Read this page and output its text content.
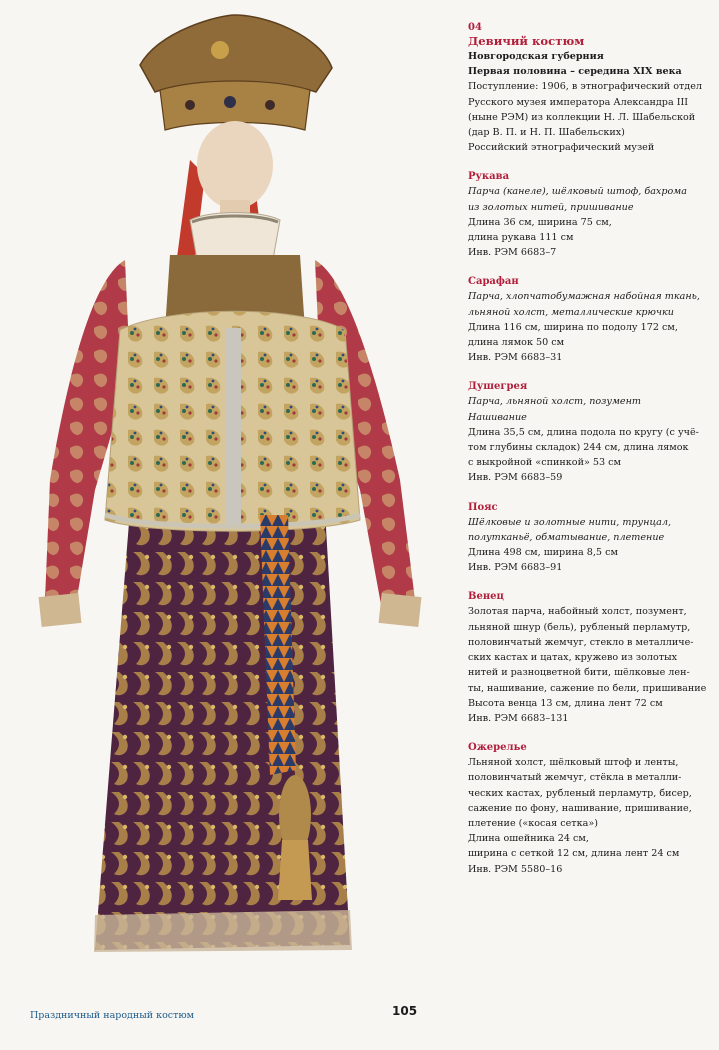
04
Девичий костюм
Новгородская губерния
Первая половина – середина XIX века
Поступление: 1906, в этнографический отдел
Русского музея императора Александра III
(ныне РЭМ) из коллекции Н. Л. Шабельской
(дар В. П. и Н. П. Шабельских)
Российский этнографический музей
Рукава
Парча (канеле), шёлковый штоф, бахрома
из золотых нитей, пришивание
Длина 36 см, ширина 75 см,
длина рукава 111 см
Инв. РЭМ 6683–7
Сарафан
Парча, хлопчатобумажная набойная ткань,
льняной холст, металлические крючки
Длина 116 см, ширина по подолу 172 см,
длина лямок 50 см
Инв. РЭМ 6683–31
Душегрея
Парча, льняной холст, позумент
Нашивание
Длина 35,5 см, длина подола по кругу (с учё-
том глубины складок) 244 см, длина лямок
с выкройной «спинкой» 53 см
Инв. РЭМ 6683–59
Пояс
Шёлковые и золотные нити, трунцал,
полутканьё, обматывание, плетение
Длина 498 см, ширина 8,5 см
Инв. РЭМ 6683–91
Венец
Золотая парча, набойный холст, позумент,
льняной шнур (бель), рубленый перламутр,
половинчатый жемчуг, стекло в металличе-
ских кастах и цатах, кружево из золотых
нитей и разноцветной бити, шёлковые лен-
ты, нашивание, сажение по бели, пришивание
Высота венца 13 см, длина лент 72 см
Инв. РЭМ 6683–131
Ожерелье
Льняной холст, шёлковый штоф и ленты,
половинчатый жемчуг, стёкла в металли-
ческих кастах, рубленый перламутр, бисер,
сажение по фону, нашивание, пришивание,
плетение («косая сетка»)
Длина ошейника 24 см,
ширина с сеткой 12 см, длина лент 24 см
Инв. РЭМ 5580–16
Праздничный народный костюм	105
